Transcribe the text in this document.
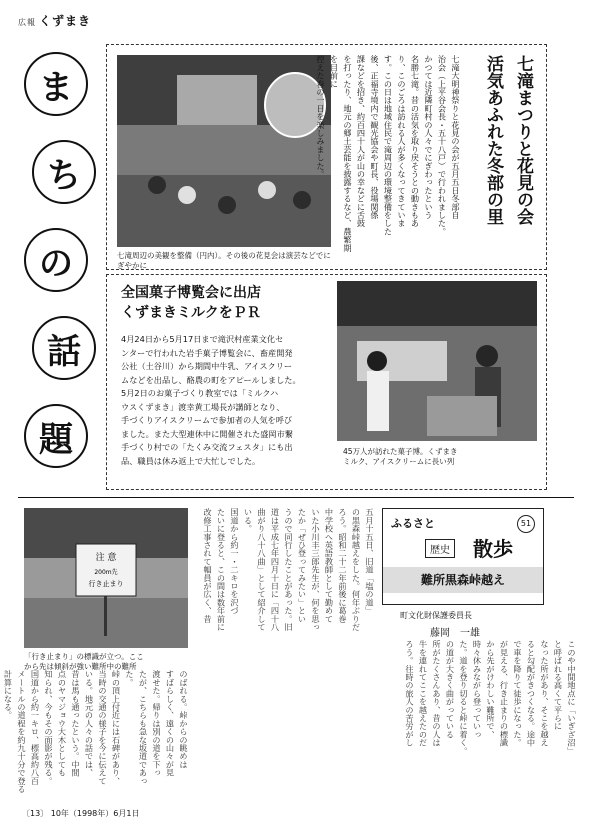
広報 くずまき
ま
ち
の
話
題
七滝周辺の美観を整備（円内）。その後の花見会は演芸などでにぎやかに
七滝大明神祭りと花見の会が五月五日冬部自
治会（上平谷会長・五十八戸）で行われました。
かつては近隣町村の人々でにぎわったという
名勝七滝。昔の活気を取り戻そうとの動きもあ
り、このごろは訪れる人が多くなってきていま
す。この日は地域住民で滝周辺の環境整備をした
後、正福寺境内で観光協会や町長、役場関係
課などを招き、約百四十人が山の幸などに舌鼓
を打ったり、地元の郷土芸能を披露するなど、農繁期を目前に
控えた春の一日を楽しみました。	七滝まつりと花見の会
活気あふれた冬部の里
全国菓子博覧会に出店
くずまきミルクをＰＲ
4月24日から5月17日まで滝沢村産業文化セ
ンターで行われた岩手菓子博覧会に、畜産開発
公社（土谷川）から期間中牛乳、アイスクリー
ムなどを出品し、酪農の町をアピールしました。
5月2日のお菓子づくり教室では「ミルクハ
ウスくずまき」渡幸黄工場長が講師となり、
手づくりアイスクリームで参加者の人気を呼び
ました。また大型連休中に開催された盛岡市繋
手づくり村での「たくみ交流フェスタ」にも出
品、職員は休み返上で大忙しでした。
45万人が訪れた菓子博。くずまき
ミルク、アイスクリームに長い列
注 意
200m先
行き止まり
「行き止まり」の標識が立つ。ここ
から先は傾斜が強い難所中の難所
五月十五日、旧道「塩の道」
の黒森峠越えをした。何年ぶりだ
ろう。昭和二十二年前後に葛巻
中学校へ英語教師として勤めて
いた小川丰三郎先生が、何を思っ
たか「ぜひ登ってみたい」とい
うので同行したことがあった。旧
道は平成七年四月十日に「四十八
曲がり八十八曲」として紹介して
いる。
国道から約一・二キロを沢づ
たいに登ると、この間は数年前に
改修工事されて幅員が広く、昔	ふるさと	51
歴史 散歩
難所黒森峠越え
町文化財保護委員長
藤岡　一雄
このや中間地点に「いぎざ沼」
と呼ばれる高くて平らに
なった所があり、そこを越え
ると勾配がきつくなる。途中
で車を降りて徒歩になった。
が見える、行き止まりの標識
から先がけわしい難所で、
時々休みながら登っていっ
た。道を登り切ると峠に着く。
の道が大きく曲がっている
所がたくさんあり、昔の人は
牛を連れてここを越えたのだ
ろう。往時の旅人の苦労がし
のばれる。峠からの眺めは
すばらしく、遠くの山々が見
渡せた。帰りは別の道を下っ
たが、こちらも急な坂道であった。
峠の頂上付近には石碑があり、
当時の交通の様子を今に伝えて
いる。地元の人々の話では、
昔は馬も通ったという。中間
点のヤマジョウ大木としても
知られ、今もその面影が残る。
国道から約一キロ、標高約八百
メートルの道程を約九十分で登る計算になる。
〔13〕 10年（1998年）6月1日
